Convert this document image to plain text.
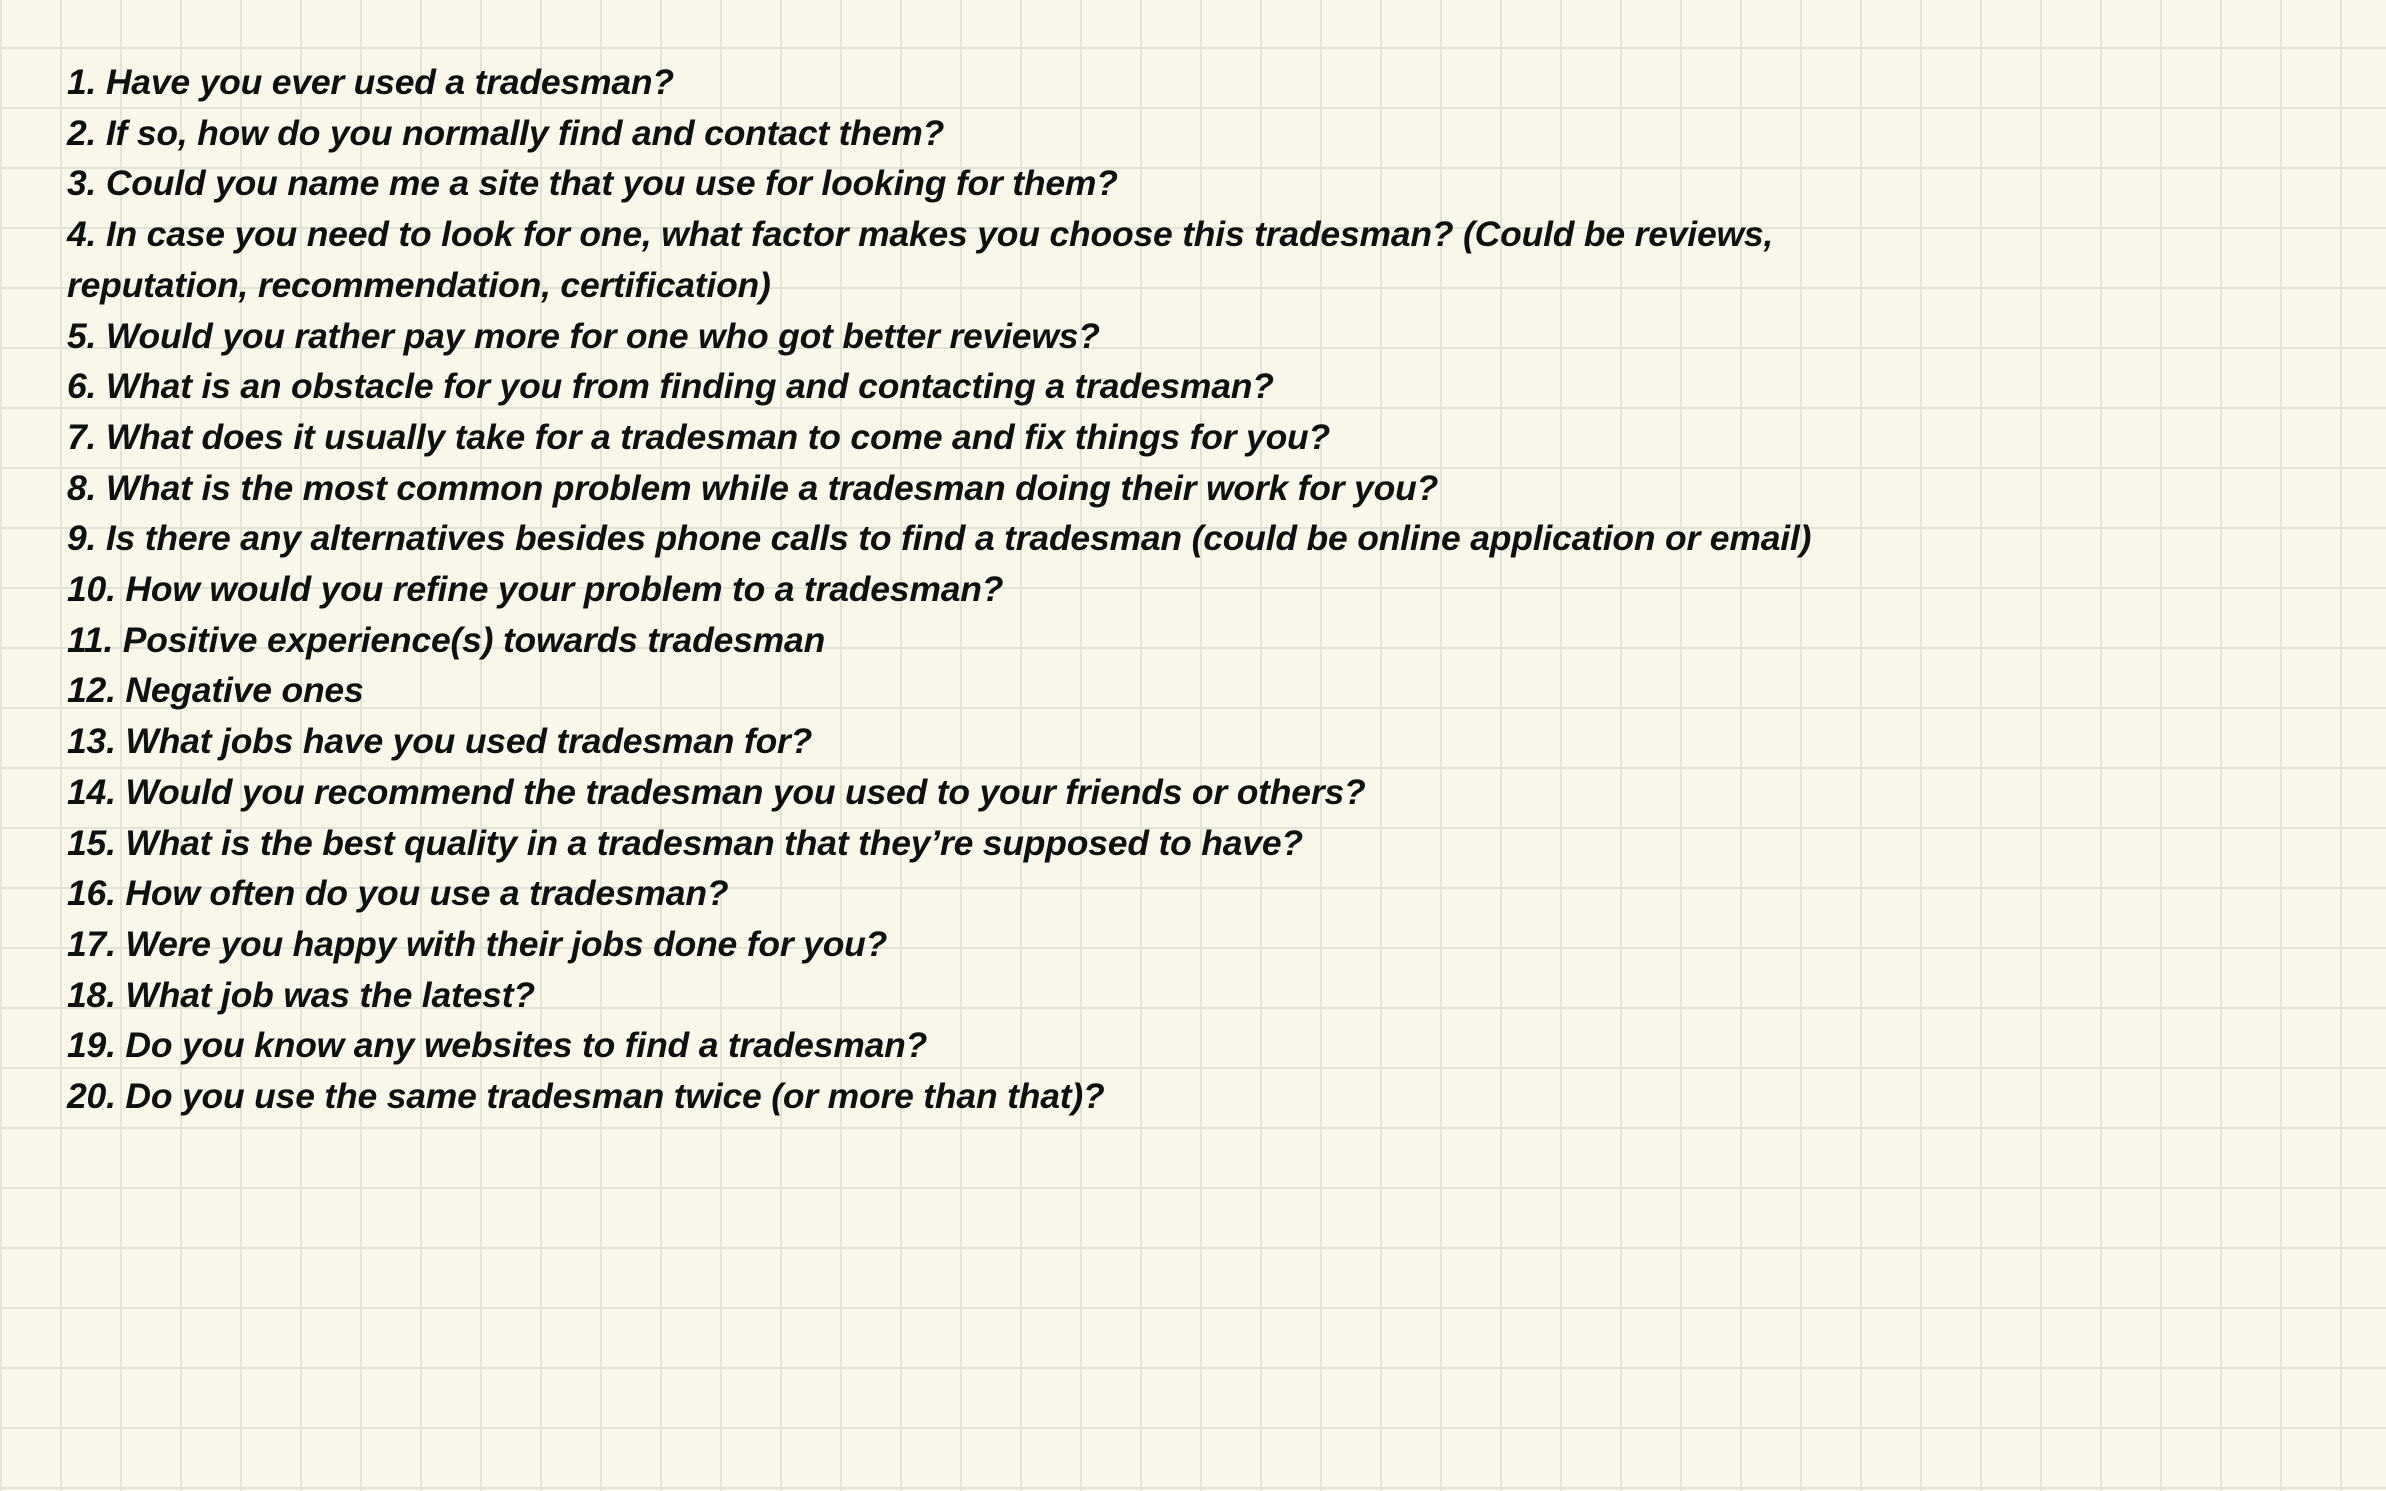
1. Have you ever used a tradesman?
2. If so, how do you normally find and contact them?
3. Could you name me a site that you use for looking for them?
4. In case you need to look for one, what factor makes you choose this tradesman? (Could be reviews, reputation, recommendation, certification)
5. Would you rather pay more for one who got better reviews?
6. What is an obstacle for you from finding and contacting a tradesman?
7. What does it usually take for a tradesman to come and fix things for you?
8. What is the most common problem while a tradesman doing their work for you?
9. Is there any alternatives besides phone calls to find a tradesman (could be online application or email)
10. How would you refine your problem to a tradesman?
11. Positive experience(s) towards tradesman
12. Negative ones
13. What jobs have you used tradesman for?
14. Would you recommend the tradesman you used to your friends or others?
15. What is the best quality in a tradesman that they’re supposed to have?
16. How often do you use a tradesman?
17. Were you happy with their jobs done for you?
18. What job was the latest?
19. Do you know any websites to find a tradesman?
20. Do you use the same tradesman twice (or more than that)?
